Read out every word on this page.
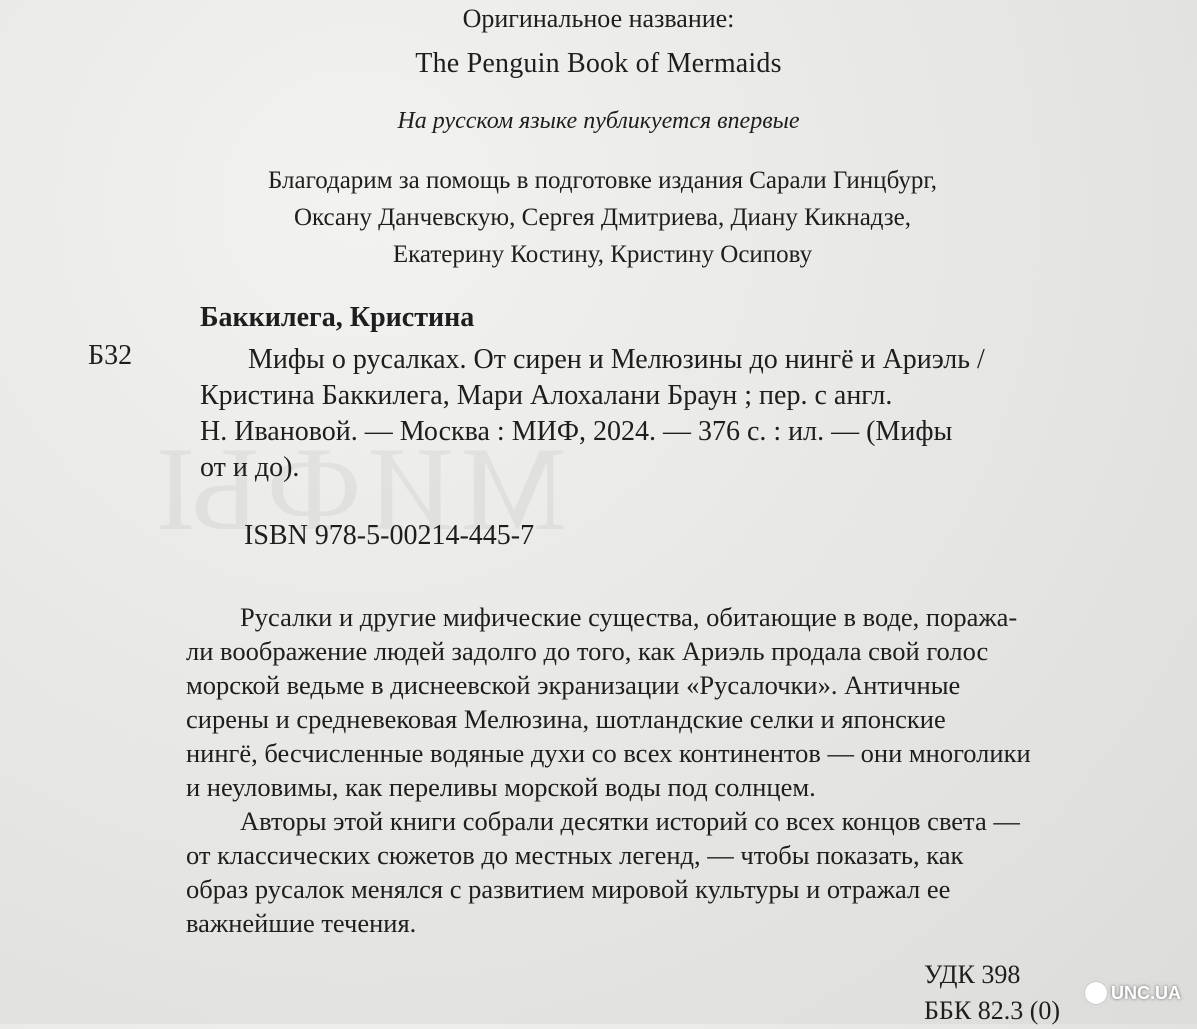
Оригинальное название:
The Penguin Book of Mermaids
На русском языке публикуется впервые
Благодарим за помощь в подготовке издания Сарали Гинцбург,
Оксану Данчевскую, Сергея Дмитриева, Диану Кикнадзе,
Екатерину Костину, Кристину Осипову
Баккилега, Кристина
Б32	Мифы о русалках. От сирен и Мелюзины до нингё и Ариэль /
Кристина Баккилега, Мари Алохалани Браун ; пер. с англ.
Н. Ивановой. — Москва : МИФ, 2024. — 376 с. : ил. — (Мифы
от и до).
ISBN 978-5-00214-445-7
Русалки и другие мифические существа, обитающие в воде, поража-
ли воображение людей задолго до того, как Ариэль продала свой голос
морской ведьме в диснеевской экранизации «Русалочки». Античные
сирены и средневековая Мелюзина, шотландские селки и японские
нингё, бесчисленные водяные духи со всех континентов — они многолики
и неуловимы, как переливы морской воды под солнцем.
Авторы этой книги собрали десятки историй со всех концов света —
от классических сюжетов до местных легенд, — чтобы показать, как
образ русалок менялся с развитием мировой культуры и отражал ее
важнейшие течения.
УДК 398
ББК 82.3 (0)
UNC.UA
